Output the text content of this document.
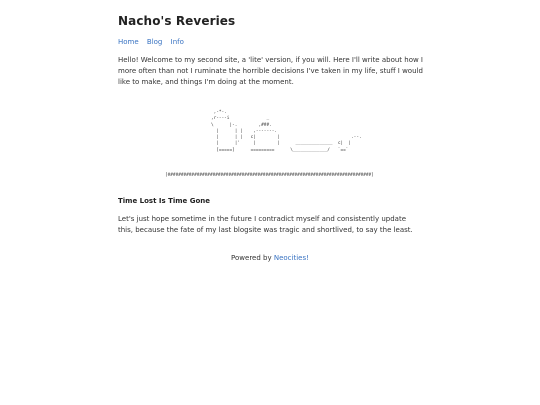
Nacho's Reveries
Home Blog Info

Hello! Welcome to my second site, a 'lite' version, if you will. Here I'll write about how I more often than not I ruminate the horrible decisions I've taken in my life, stuff I would like to make, and things I'm doing at the moment.

,-*-.
,r----i              _
\      |-.        ,###.
|      | |    ,-------.
|      | |   c|        |                           .--.
|      |'     |        |      ______________  c|  |
[=====]      =========      \_____________/   `==`
[#############################################################################]
Time Lost Is Time Gone

Let's just hope sometime in the future I contradict myself and consistently update this, because the fate of my last blogsite was tragic and shortlived, to say the least.

Powered by Neocities!
